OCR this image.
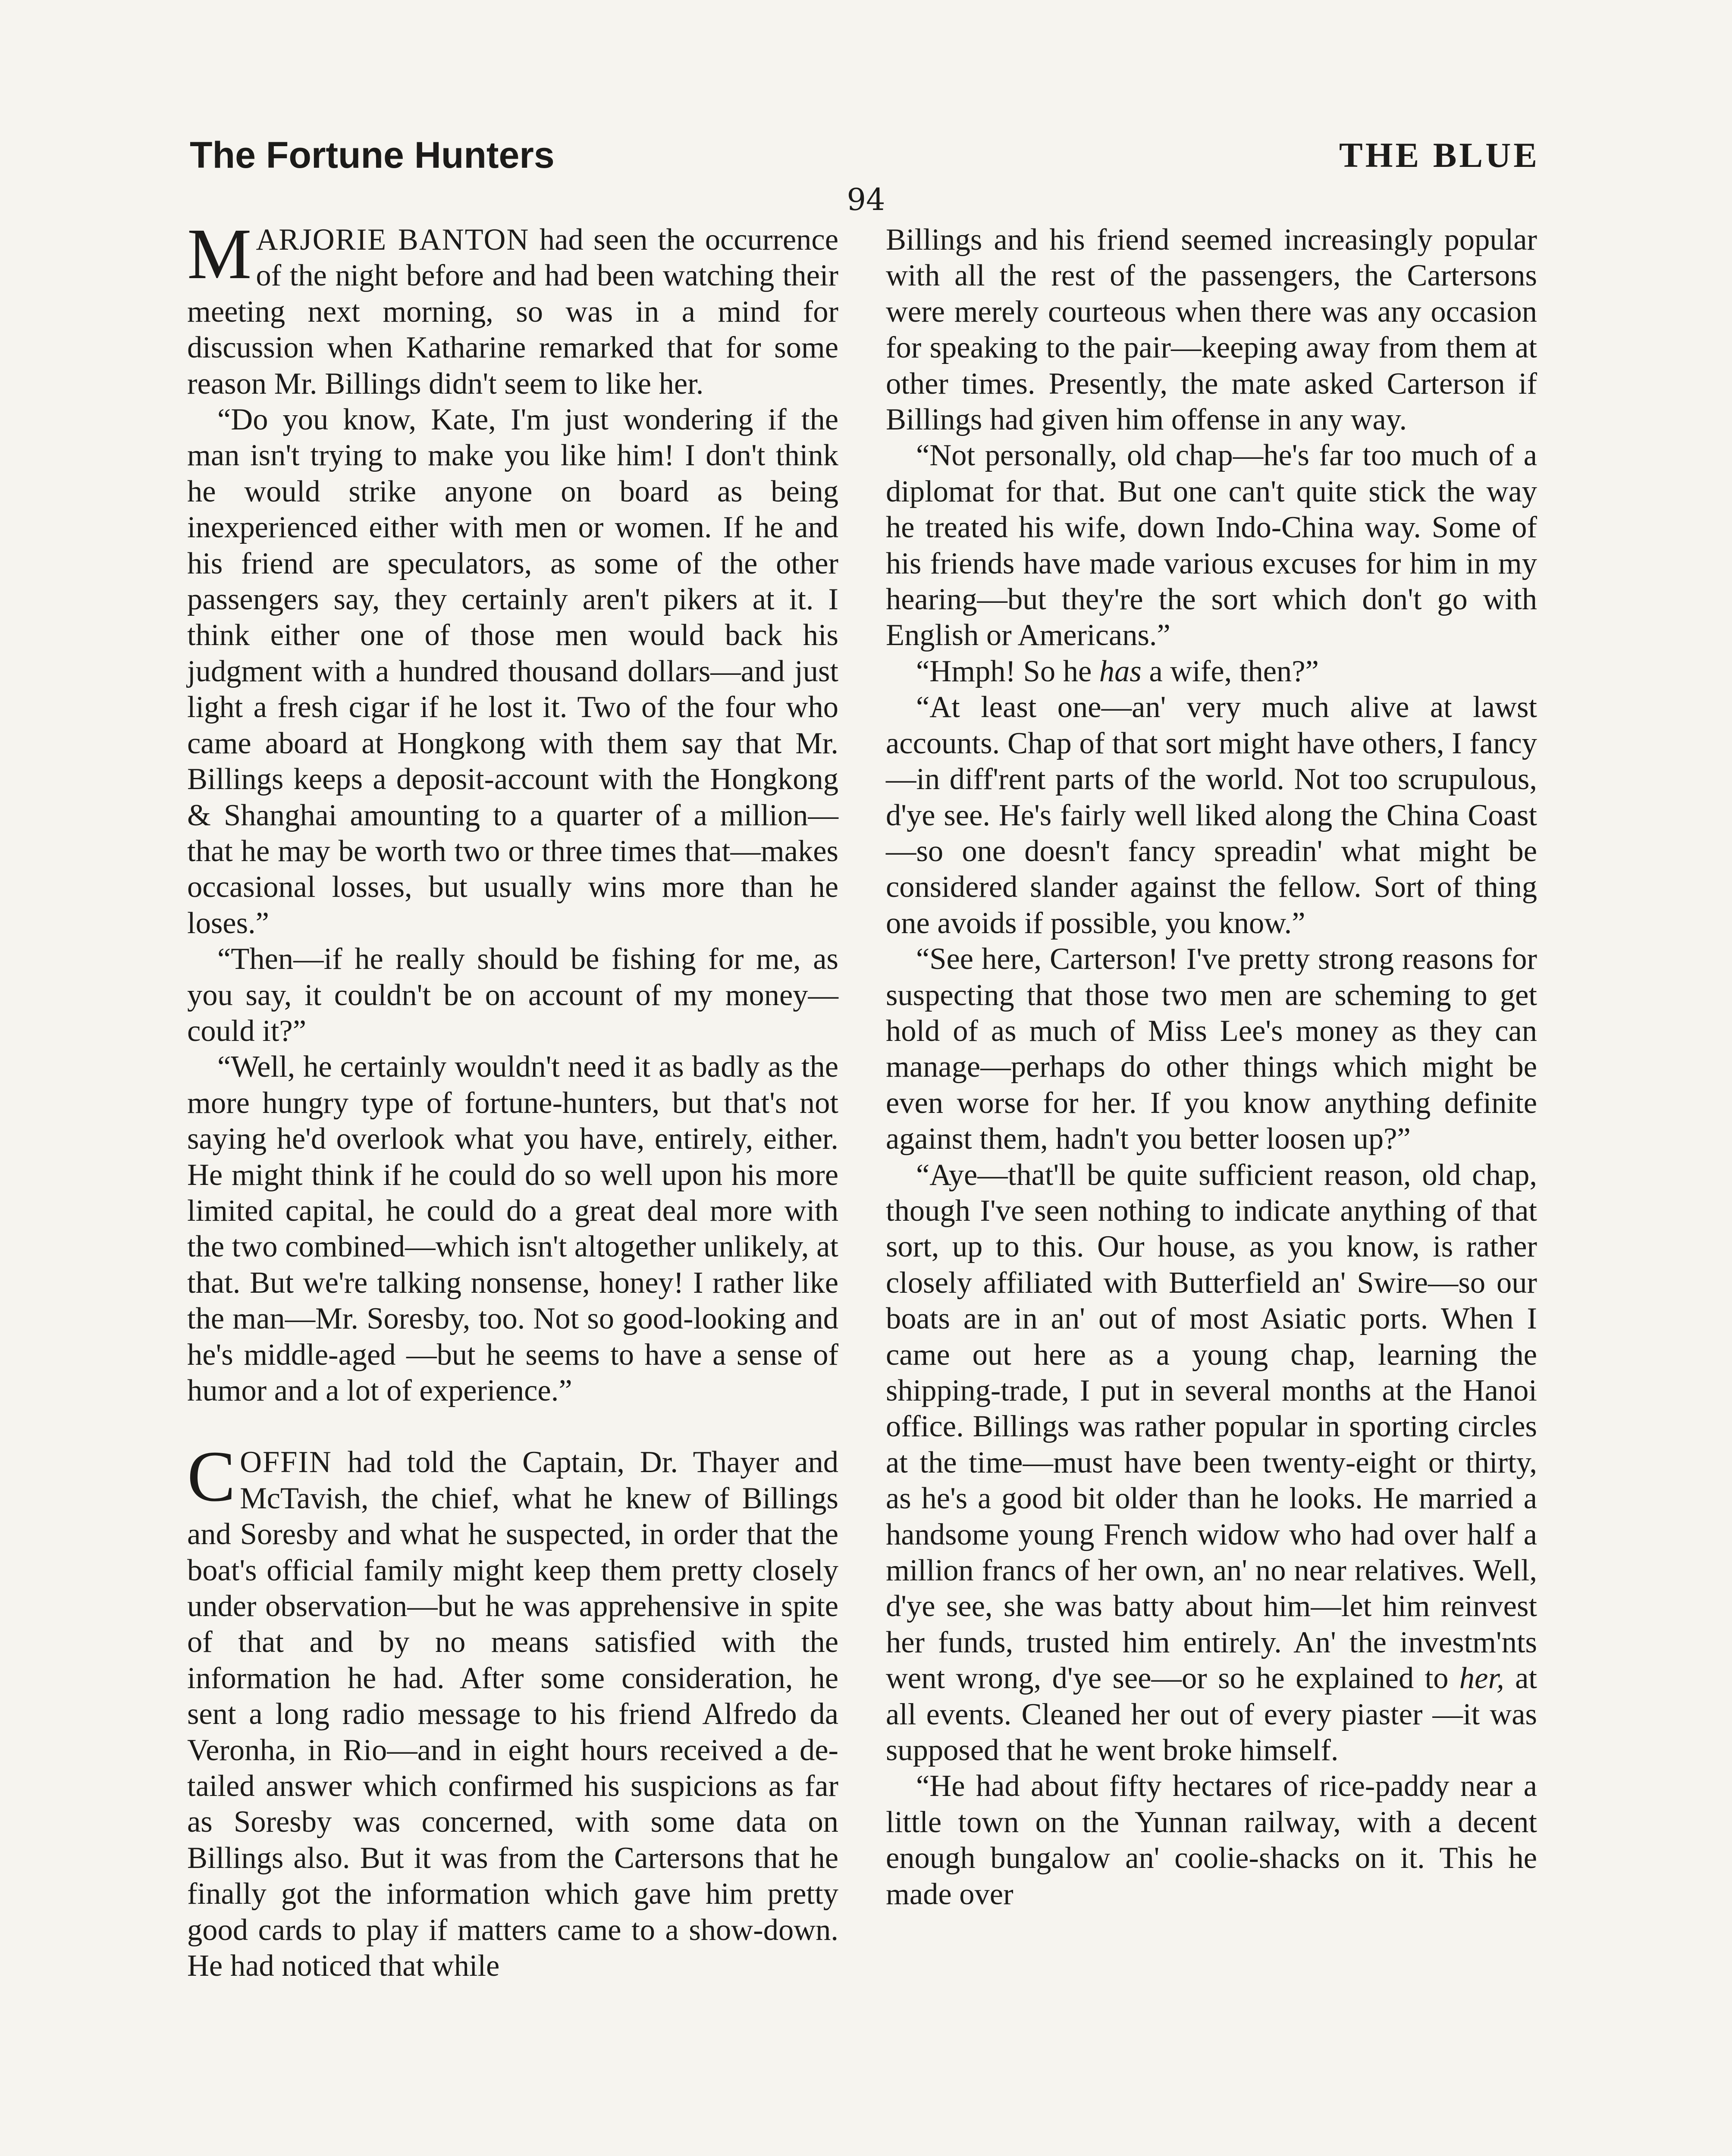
The Fortune Hunters	THE BLUE
94

MARJORIE BANTON had seen the occurrence of the night before and had been watching their meeting next morning, so was in a mind for discussion when Katharine remarked that for some reason Mr. Billings didn't seem to like her.

“Do you know, Kate, I'm just wondering if the man isn't trying to make you like him! I don't think he would strike anyone on board as being inexperienced either with men or women. If he and his friend are speculators, as some of the other passengers say, they certainly aren't pikers at it. I think either one of those men would back his judgment with a hundred thousand dollars—and just light a fresh cigar if he lost it. Two of the four who came aboard at Hongkong with them say that Mr. Billings keeps a deposit-account with the Hongkong & Shanghai amounting to a quarter of a million—that he may be worth two or three times that—makes occasional losses, but usually wins more than he loses.”

“Then—if he really should be fishing for me, as you say, it couldn't be on account of my money—could it?”

“Well, he certainly wouldn't need it as badly as the more hungry type of fortune-hunters, but that's not saying he'd overlook what you have, entirely, either. He might think if he could do so well upon his more limited capital, he could do a great deal more with the two combined—which isn't altogether unlikely, at that. But we're talking nonsense, honey! I rather like the man—Mr. Soresby, too. Not so good-looking and he's middle-aged —but he seems to have a sense of humor and a lot of experience.”

COFFIN had told the Captain, Dr. Thayer and McTavish, the chief, what he knew of Billings and Soresby and what he suspected, in order that the boat's official family might keep them pretty closely under observation—but he was apprehensive in spite of that and by no means satisfied with the information he had. After some consideration, he sent a long radio message to his friend Alfredo da Veronha, in Rio—and in eight hours received a detailed answer which confirmed his suspicions as far as Soresby was concerned, with some data on Billings also. But it was from the Cartersons that he finally got the information which gave him pretty good cards to play if matters came to a show-down. He had noticed that while

Billings and his friend seemed increasingly popular with all the rest of the passengers, the Cartersons were merely courteous when there was any occasion for speaking to the pair—keeping away from them at other times. Presently, the mate asked Carterson if Billings had given him offense in any way.

“Not personally, old chap—he's far too much of a diplomat for that. But one can't quite stick the way he treated his wife, down Indo-China way. Some of his friends have made various excuses for him in my hearing—but they're the sort which don't go with English or Americans.”

“Hmph! So he has a wife, then?”

“At least one—an' very much alive at lawst accounts. Chap of that sort might have others, I fancy—in diff'rent parts of the world. Not too scrupulous, d'ye see. He's fairly well liked along the China Coast—so one doesn't fancy spreadin' what might be considered slander against the fellow. Sort of thing one avoids if possible, you know.”

“See here, Carterson! I've pretty strong reasons for suspecting that those two men are scheming to get hold of as much of Miss Lee's money as they can manage—perhaps do other things which might be even worse for her. If you know anything definite against them, hadn't you better loosen up?”

“Aye—that'll be quite sufficient reason, old chap, though I've seen nothing to indicate anything of that sort, up to this. Our house, as you know, is rather closely affiliated with Butterfield an' Swire—so our boats are in an' out of most Asiatic ports. When I came out here as a young chap, learning the shipping-trade, I put in several months at the Hanoi office. Billings was rather popular in sporting circles at the time—must have been twenty-eight or thirty, as he's a good bit older than he looks. He married a handsome young French widow who had over half a million francs of her own, an' no near relatives. Well, d'ye see, she was batty about him—let him reinvest her funds, trusted him entirely. An' the investm'nts went wrong, d'ye see—or so he explained to her, at all events. Cleaned her out of every piaster —it was supposed that he went broke himself.

“He had about fifty hectares of rice-paddy near a little town on the Yunnan railway, with a decent enough bungalow an' coolie-shacks on it. This he made over
